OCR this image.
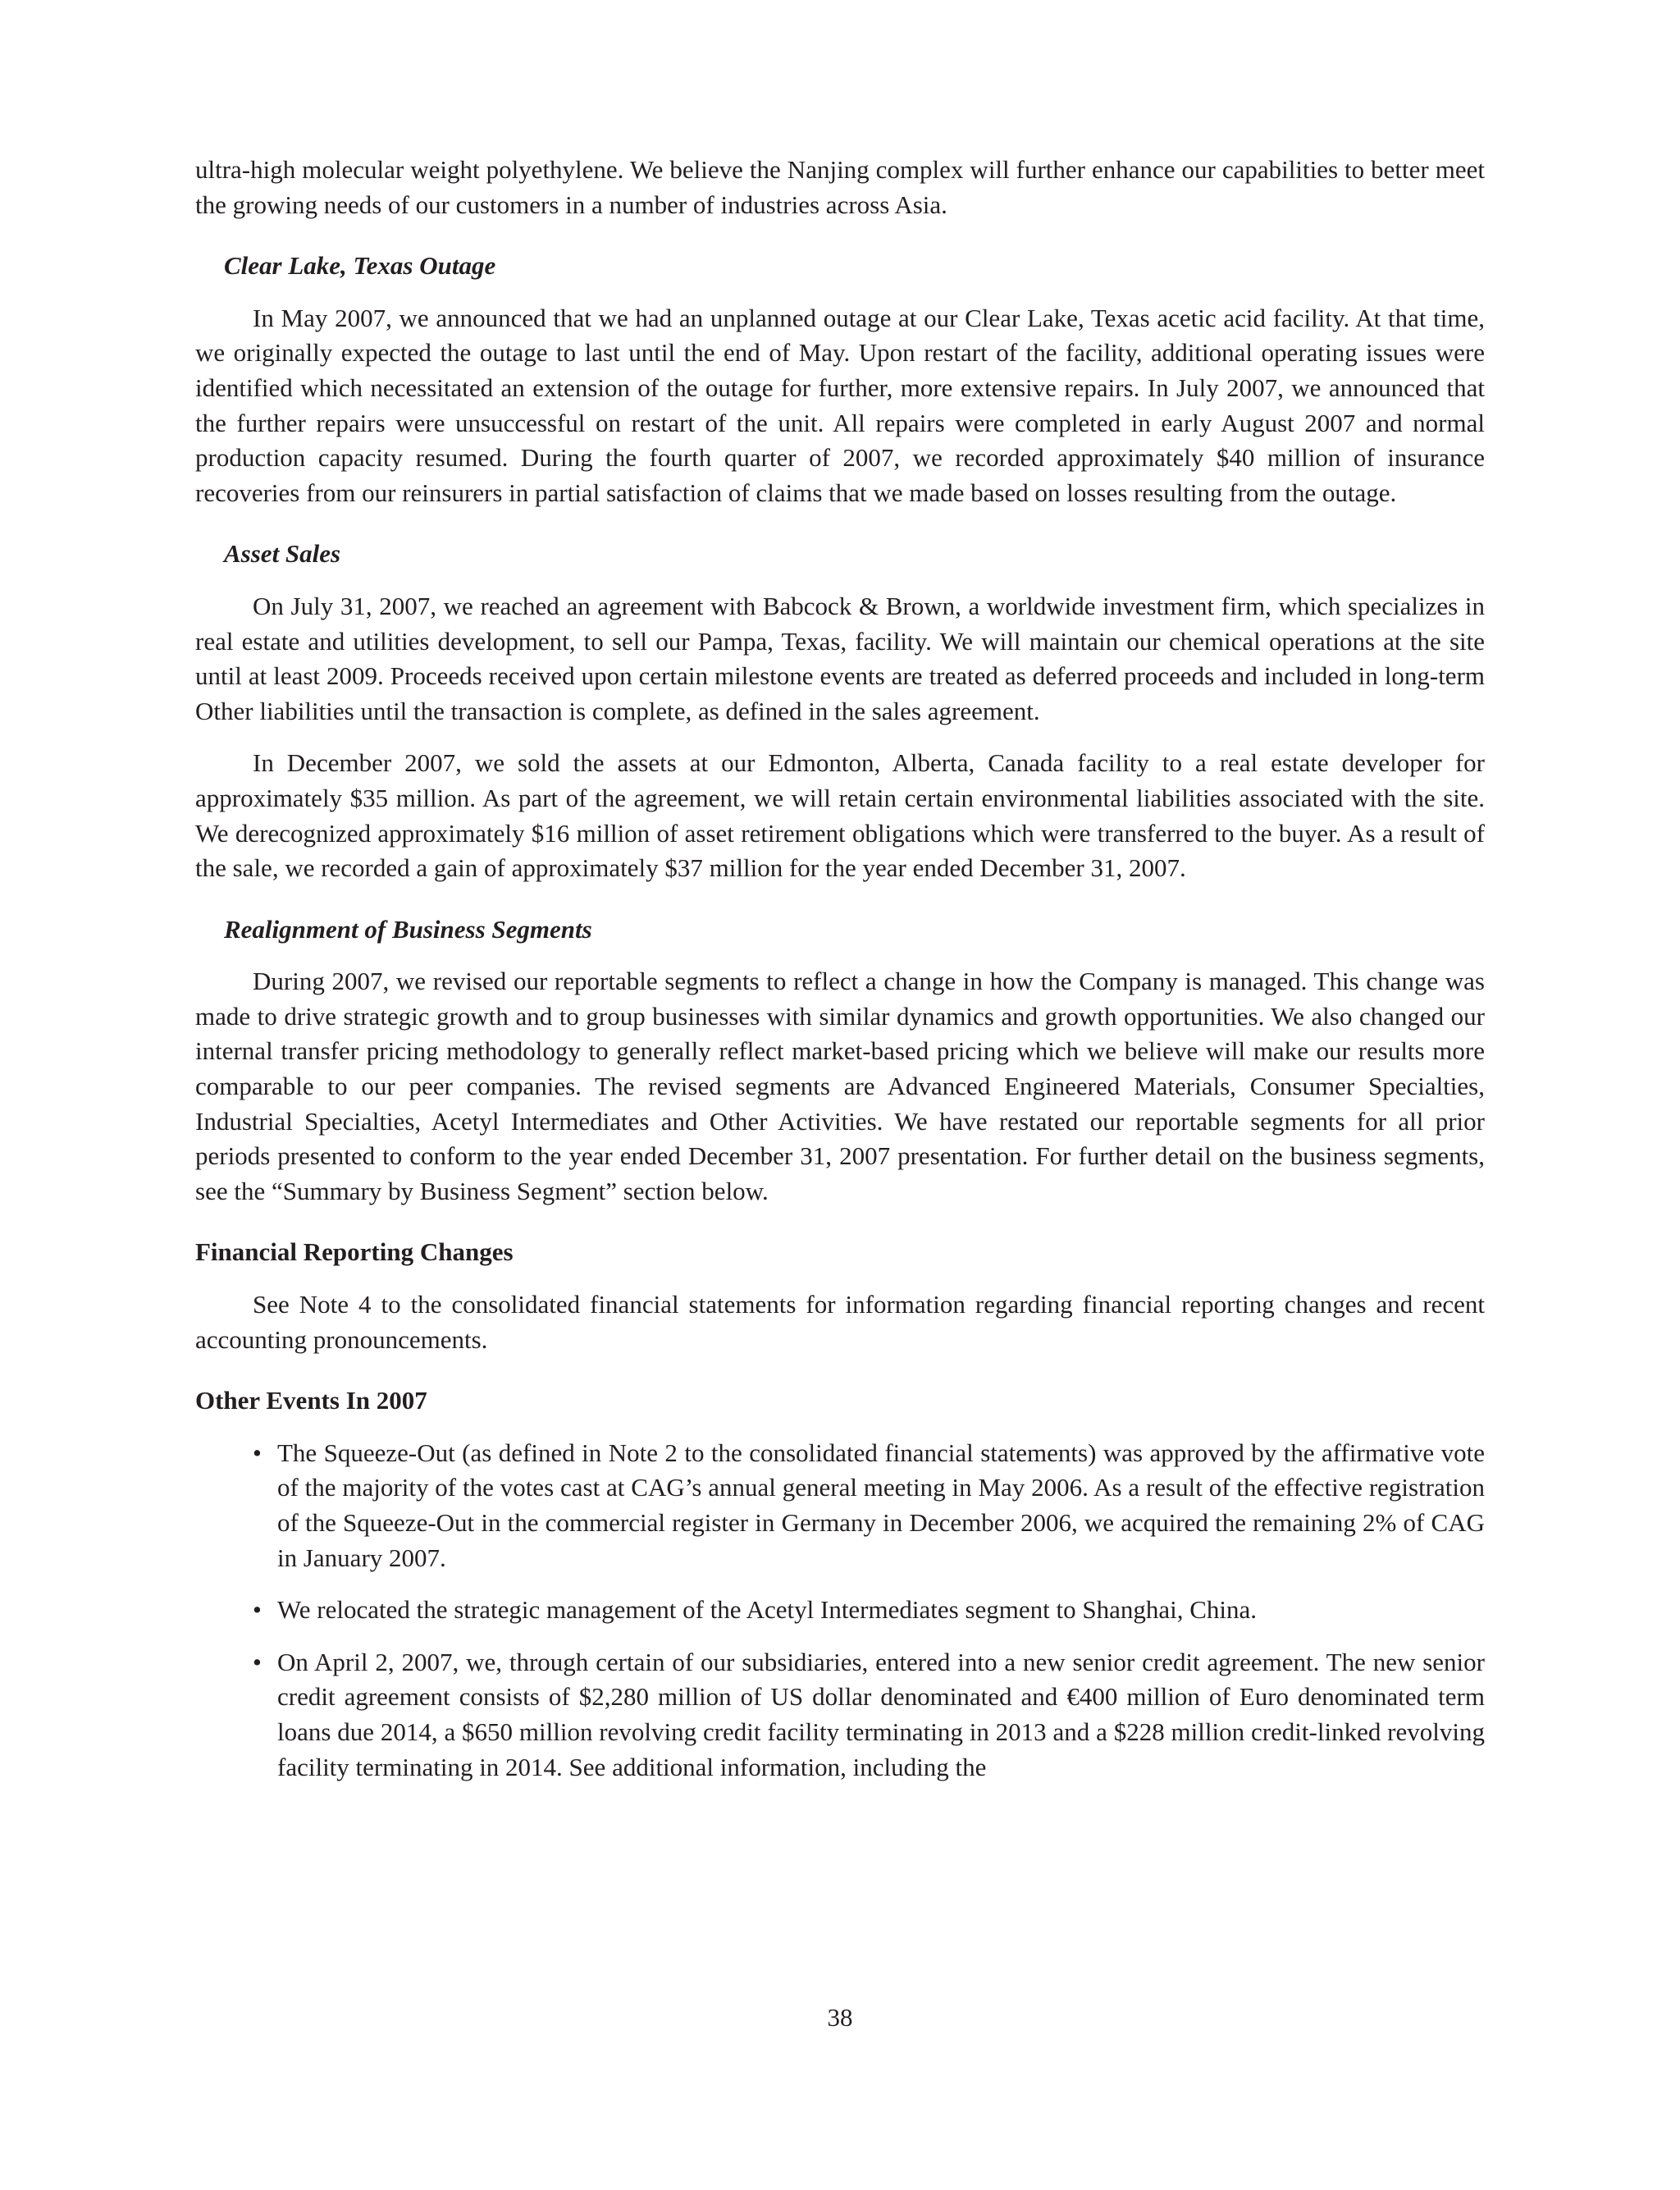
ultra-high molecular weight polyethylene. We believe the Nanjing complex will further enhance our capabilities to better meet the growing needs of our customers in a number of industries across Asia.

Clear Lake, Texas Outage

In May 2007, we announced that we had an unplanned outage at our Clear Lake, Texas acetic acid facility. At that time, we originally expected the outage to last until the end of May. Upon restart of the facility, additional operating issues were identified which necessitated an extension of the outage for further, more extensive repairs. In July 2007, we announced that the further repairs were unsuccessful on restart of the unit. All repairs were completed in early August 2007 and normal production capacity resumed. During the fourth quarter of 2007, we recorded approximately $40 million of insurance recoveries from our reinsurers in partial satisfaction of claims that we made based on losses resulting from the outage.

Asset Sales

On July 31, 2007, we reached an agreement with Babcock & Brown, a worldwide investment firm, which specializes in real estate and utilities development, to sell our Pampa, Texas, facility. We will maintain our chemical operations at the site until at least 2009. Proceeds received upon certain milestone events are treated as deferred proceeds and included in long-term Other liabilities until the transaction is complete, as defined in the sales agreement.

In December 2007, we sold the assets at our Edmonton, Alberta, Canada facility to a real estate developer for approximately $35 million. As part of the agreement, we will retain certain environmental liabilities associated with the site. We derecognized approximately $16 million of asset retirement obligations which were transferred to the buyer. As a result of the sale, we recorded a gain of approximately $37 million for the year ended December 31, 2007.

Realignment of Business Segments

During 2007, we revised our reportable segments to reflect a change in how the Company is managed. This change was made to drive strategic growth and to group businesses with similar dynamics and growth opportunities. We also changed our internal transfer pricing methodology to generally reflect market-based pricing which we believe will make our results more comparable to our peer companies. The revised segments are Advanced Engineered Materials, Consumer Specialties, Industrial Specialties, Acetyl Intermediates and Other Activities. We have restated our reportable segments for all prior periods presented to conform to the year ended December 31, 2007 presentation. For further detail on the business segments, see the “Summary by Business Segment” section below.

Financial Reporting Changes

See Note 4 to the consolidated financial statements for information regarding financial reporting changes and recent accounting pronouncements.

Other Events In 2007
• The Squeeze-Out (as defined in Note 2 to the consolidated financial statements) was approved by the affirmative vote of the majority of the votes cast at CAG’s annual general meeting in May 2006. As a result of the effective registration of the Squeeze-Out in the commercial register in Germany in December 2006, we acquired the remaining 2% of CAG in January 2007.
• We relocated the strategic management of the Acetyl Intermediates segment to Shanghai, China.
• On April 2, 2007, we, through certain of our subsidiaries, entered into a new senior credit agreement. The new senior credit agreement consists of $2,280 million of US dollar denominated and €400 million of Euro denominated term loans due 2014, a $650 million revolving credit facility terminating in 2013 and a $228 million credit-linked revolving facility terminating in 2014. See additional information, including the
38
